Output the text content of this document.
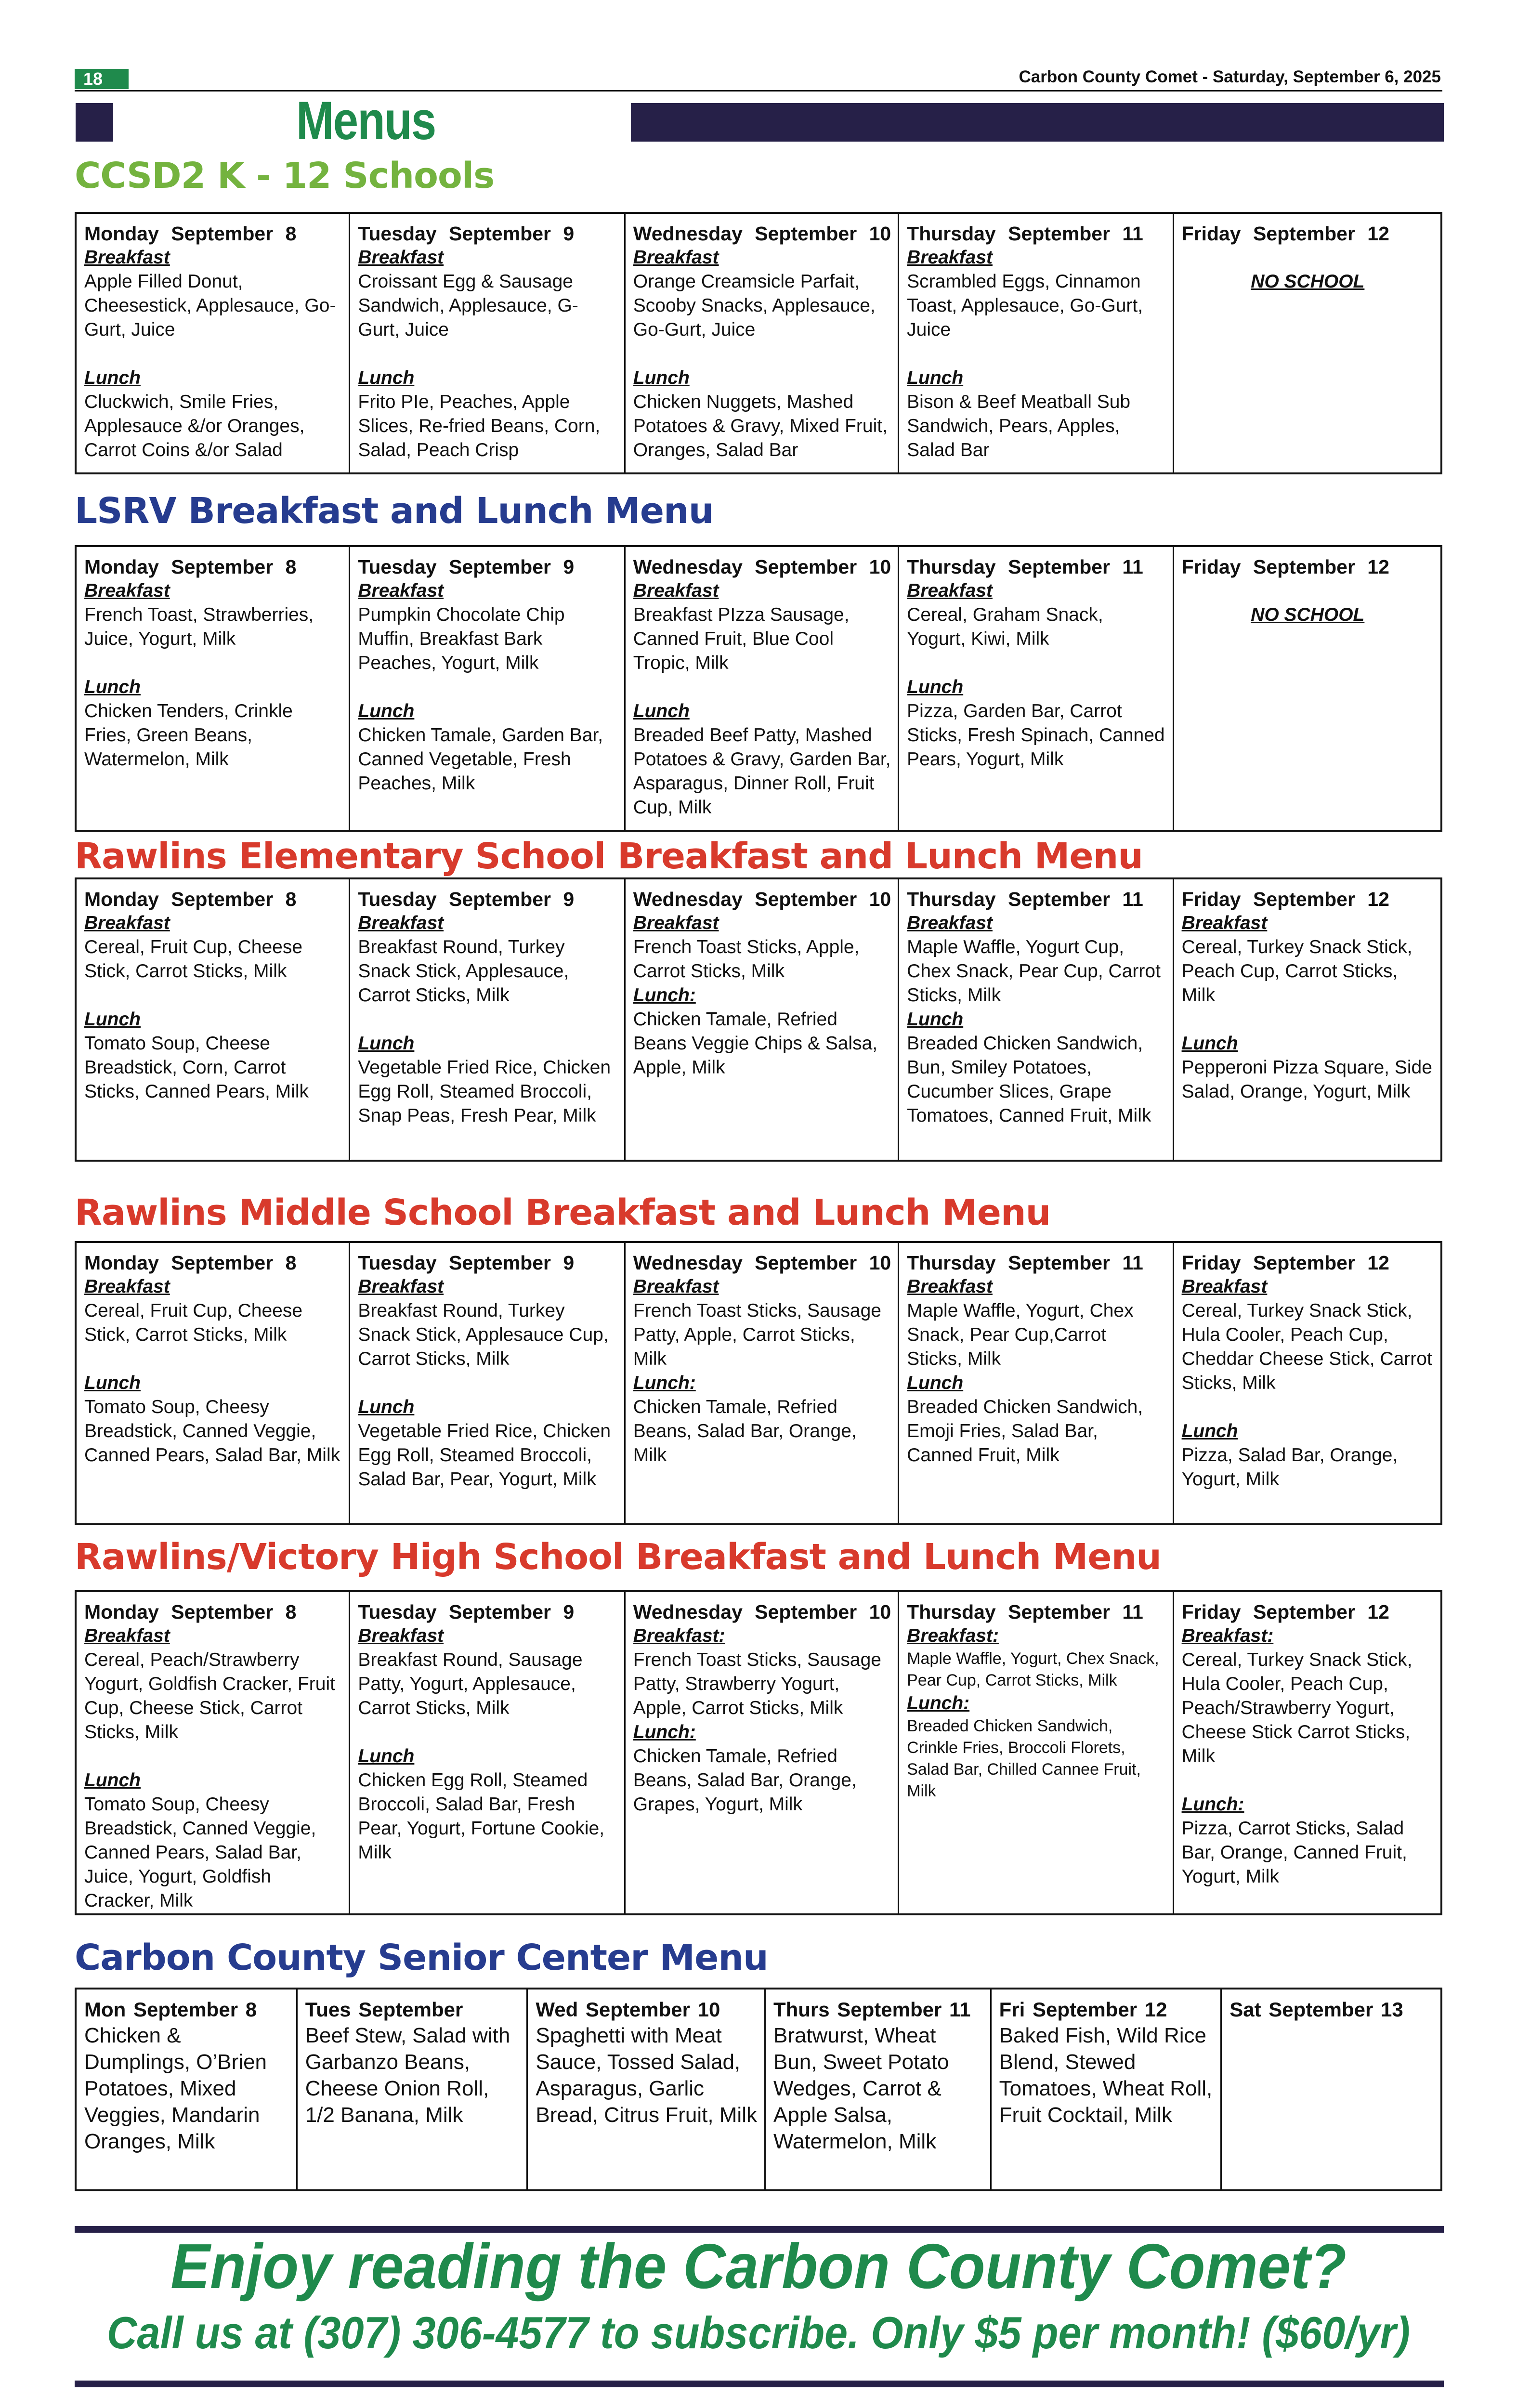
18	Carbon County Comet - Saturday, September 6, 2025
Menus
CCSD2 K - 12 Schools
Monday September 8
Breakfast
Apple Filled Donut, Cheesestick, Applesauce, Go-Gurt, Juice
Lunch
Cluckwich, Smile Fries, Applesauce &/or Oranges, Carrot Coins &/or Salad
Tuesday September 9
Breakfast
Croissant Egg & Sausage Sandwich, Applesauce, G-Gurt, Juice
Lunch
Frito PIe, Peaches, Apple Slices, Re-fried Beans, Corn, Salad, Peach Crisp
Wednesday September 10
Breakfast
Orange Creamsicle Parfait, Scooby Snacks, Applesauce, Go-Gurt, Juice
Lunch
Chicken Nuggets, Mashed Potatoes & Gravy, Mixed Fruit, Oranges, Salad Bar
Thursday September 11
Breakfast
Scrambled Eggs, Cinnamon Toast, Applesauce, Go-Gurt, Juice
Lunch
Bison & Beef Meatball Sub Sandwich, Pears, Apples, Salad Bar
Friday September 12
NO SCHOOL
LSRV Breakfast and Lunch Menu
Monday September 8
Breakfast
French Toast, Strawberries, Juice, Yogurt, Milk
Lunch
Chicken Tenders, Crinkle Fries, Green Beans, Watermelon, Milk
Tuesday September 9
Breakfast
Pumpkin Chocolate Chip Muffin, Breakfast Bark Peaches, Yogurt, Milk
Lunch
Chicken Tamale, Garden Bar, Canned Vegetable, Fresh Peaches, Milk
Wednesday September 10
Breakfast
Breakfast PIzza Sausage, Canned Fruit, Blue Cool Tropic, Milk
Lunch
Breaded Beef Patty, Mashed Potatoes & Gravy, Garden Bar, Asparagus, Dinner Roll, Fruit Cup, Milk
Thursday September 11
Breakfast
Cereal, Graham Snack, Yogurt, Kiwi, Milk
Lunch
Pizza, Garden Bar, Carrot Sticks, Fresh Spinach, Canned Pears, Yogurt, Milk
Friday September 12
NO SCHOOL
Rawlins Elementary School Breakfast and Lunch Menu
Monday September 8
Breakfast
Cereal, Fruit Cup, Cheese Stick, Carrot Sticks, Milk
Lunch
Tomato Soup, Cheese Breadstick, Corn, Carrot Sticks, Canned Pears, Milk
Tuesday September 9
Breakfast
Breakfast Round, Turkey Snack Stick, Applesauce, Carrot Sticks, Milk
Lunch
Vegetable Fried Rice, Chicken Egg Roll, Steamed Broccoli, Snap Peas, Fresh Pear, Milk
Wednesday September 10
Breakfast
French Toast Sticks, Apple, Carrot Sticks, Milk
Lunch:
Chicken Tamale, Refried Beans Veggie Chips & Salsa, Apple, Milk
Thursday September 11
Breakfast
Maple Waffle, Yogurt Cup, Chex Snack, Pear Cup, Carrot Sticks, Milk
Lunch
Breaded Chicken Sandwich, Bun, Smiley Potatoes, Cucumber Slices, Grape Tomatoes, Canned Fruit, Milk
Friday September 12
Breakfast
Cereal, Turkey Snack Stick, Peach Cup, Carrot Sticks, Milk
Lunch
Pepperoni Pizza Square, Side Salad, Orange, Yogurt, Milk
Rawlins Middle School Breakfast and Lunch Menu
Monday September 8
Breakfast
Cereal, Fruit Cup, Cheese Stick, Carrot Sticks, Milk
Lunch
Tomato Soup, Cheesy Breadstick, Canned Veggie, Canned Pears, Salad Bar, Milk
Tuesday September 9
Breakfast
Breakfast Round, Turkey Snack Stick, Applesauce Cup, Carrot Sticks, Milk
Lunch
Vegetable Fried Rice, Chicken Egg Roll, Steamed Broccoli, Salad Bar, Pear, Yogurt, Milk
Wednesday September 10
Breakfast
French Toast Sticks, Sausage Patty, Apple, Carrot Sticks, Milk
Lunch:
Chicken Tamale, Refried Beans, Salad Bar, Orange, Milk
Thursday September 11
Breakfast
Maple Waffle, Yogurt, Chex Snack, Pear Cup,Carrot Sticks, Milk
Lunch
Breaded Chicken Sandwich, Emoji Fries, Salad Bar, Canned Fruit, Milk
Friday September 12
Breakfast
Cereal, Turkey Snack Stick, Hula Cooler, Peach Cup, Cheddar Cheese Stick, Carrot Sticks, Milk
Lunch
Pizza, Salad Bar, Orange, Yogurt, Milk
Rawlins/Victory High School Breakfast and Lunch Menu
Monday September 8
Breakfast
Cereal, Peach/Strawberry Yogurt, Goldfish Cracker, Fruit Cup, Cheese Stick, Carrot Sticks, Milk
Lunch
Tomato Soup, Cheesy Breadstick, Canned Veggie, Canned Pears, Salad Bar, Juice, Yogurt, Goldfish Cracker, Milk
Tuesday September 9
Breakfast
Breakfast Round, Sausage Patty, Yogurt, Applesauce, Carrot Sticks, Milk
Lunch
Chicken Egg Roll, Steamed Broccoli, Salad Bar, Fresh Pear, Yogurt, Fortune Cookie, Milk
Wednesday September 10
Breakfast:
French Toast Sticks, Sausage Patty, Strawberry Yogurt, Apple, Carrot Sticks, Milk
Lunch:
Chicken Tamale, Refried Beans, Salad Bar, Orange, Grapes, Yogurt, Milk
Thursday September 11
Breakfast:
Maple Waffle, Yogurt, Chex Snack, Pear Cup, Carrot Sticks, Milk
Lunch:
Breaded Chicken Sandwich, Crinkle Fries, Broccoli Florets, Salad Bar, Chilled Cannee Fruit, Milk
Friday September 12
Breakfast:
Cereal, Turkey Snack Stick, Hula Cooler, Peach Cup, Peach/Strawberry Yogurt, Cheese Stick Carrot Sticks, Milk
Lunch:
Pizza, Carrot Sticks, Salad Bar, Orange, Canned Fruit, Yogurt, Milk
Carbon County Senior Center Menu
Mon September 8
Chicken & Dumplings, O’Brien Potatoes, Mixed Veggies, Mandarin Oranges, Milk
Tues September
Beef Stew, Salad with Garbanzo Beans, Cheese Onion Roll, 1/2 Banana, Milk
Wed September 10
Spaghetti with Meat Sauce, Tossed Salad, Asparagus, Garlic Bread, Citrus Fruit, Milk
Thurs September 11
Bratwurst, Wheat Bun, Sweet Potato Wedges, Carrot & Apple Salsa, Watermelon, Milk
Fri September 12
Baked Fish, Wild Rice Blend, Stewed Tomatoes, Wheat Roll, Fruit Cocktail, Milk
Sat September 13
Enjoy reading the Carbon County Comet?
Call us at (307) 306-4577 to subscribe. Only $5 per month! ($60/yr)
